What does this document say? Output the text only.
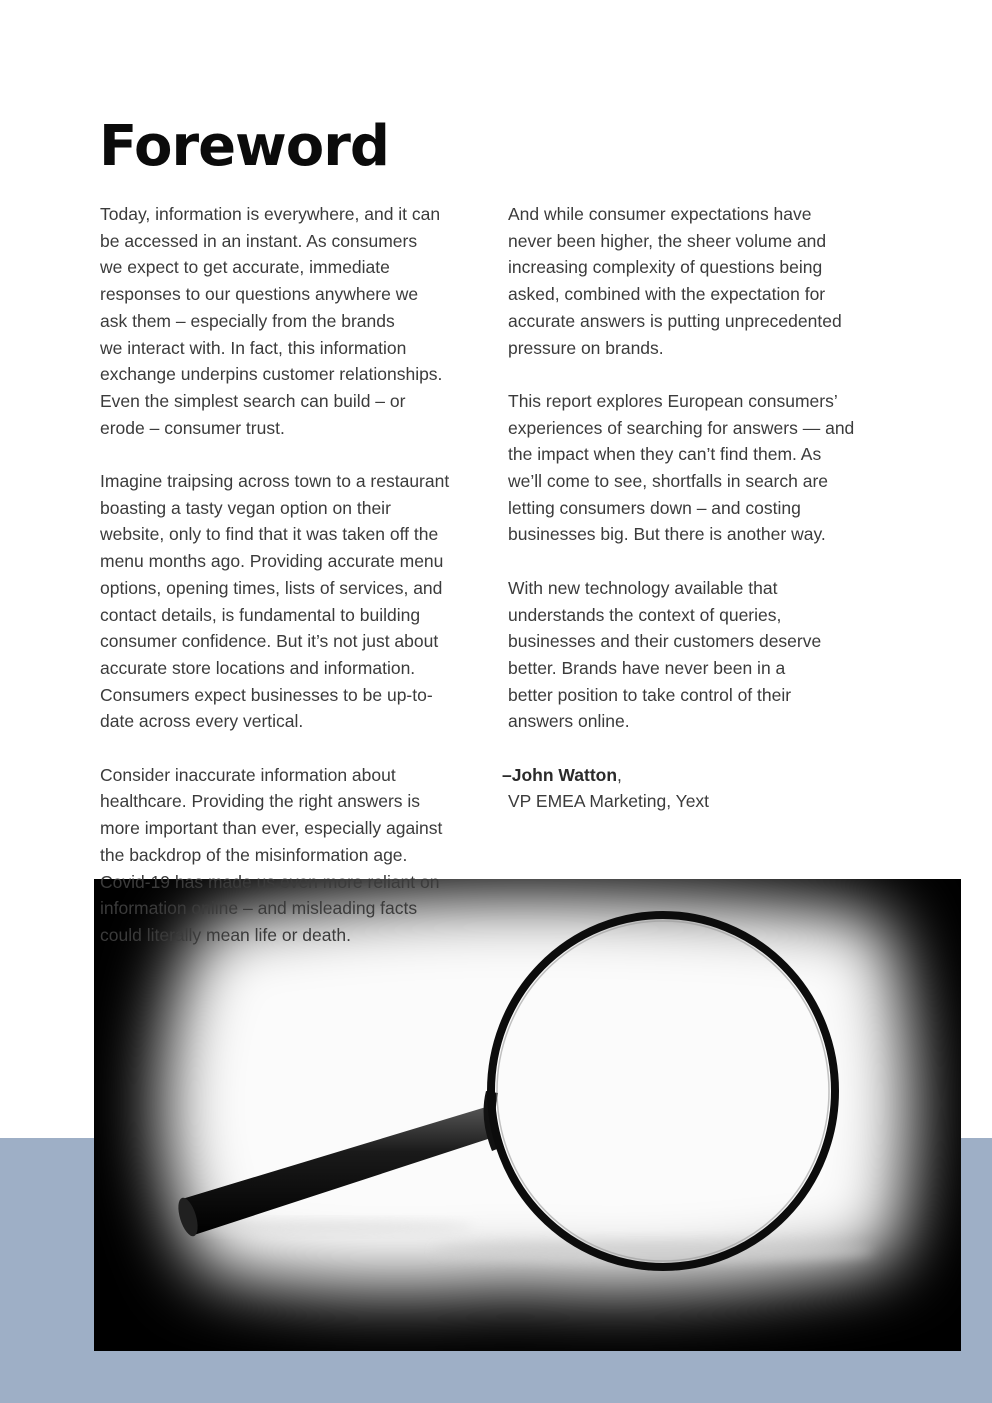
Foreword
Today, information is everywhere, and it can
be accessed in an instant. As consumers
we expect to get accurate, immediate
responses to our questions anywhere we
ask them – especially from the brands
we interact with. In fact, this information
exchange underpins customer relationships.
Even the simplest search can build – or
erode – consumer trust.
Imagine traipsing across town to a restaurant
boasting a tasty vegan option on their
website, only to find that it was taken off the
menu months ago. Providing accurate menu
options, opening times, lists of services, and
contact details, is fundamental to building
consumer confidence. But it’s not just about
accurate store locations and information.
Consumers expect businesses to be up-to-
date across every vertical.
Consider inaccurate information about
healthcare. Providing the right answers is
more important than ever, especially against
the backdrop of the misinformation age.
Covid-19 has made us even more reliant on
information online – and misleading facts
could literally mean life or death.
And while consumer expectations have
never been higher, the sheer volume and
increasing complexity of questions being
asked, combined with the expectation for
accurate answers is putting unprecedented
pressure on brands.
This report explores European consumers’
experiences of searching for answers — and
the impact when they can’t find them. As
we’ll come to see, shortfalls in search are
letting consumers down – and costing
businesses big. But there is another way.
With new technology available that
understands the context of queries,
businesses and their customers deserve
better. Brands have never been in a
better position to take control of their
answers online.
–John Watton,
VP EMEA Marketing, Yext
